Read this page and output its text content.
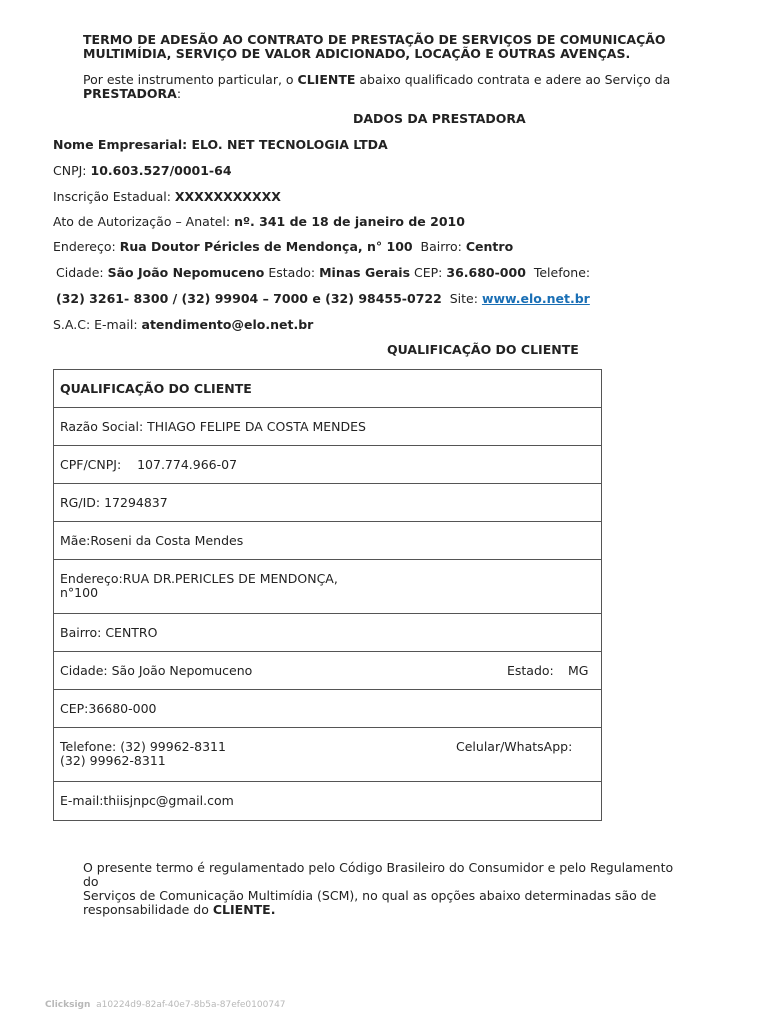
TERMO DE ADESÃO AO CONTRATO DE PRESTAÇÃO DE SERVIÇOS DE COMUNICAÇÃO
MULTIMÍDIA, SERVIÇO DE VALOR ADICIONADO, LOCAÇÃO E OUTRAS AVENÇAS.
Por este instrumento particular, o CLIENTE abaixo qualificado contrata e adere ao Serviço da
PRESTADORA:
DADOS DA PRESTADORA
Nome Empresarial: ELO. NET TECNOLOGIA LTDA
CNPJ: 10.603.527/0001-64
Inscrição Estadual: XXXXXXXXXXX
Ato de Autorização – Anatel: nº. 341 de 18 de janeiro de 2010
Endereço: Rua Doutor Péricles de Mendonça, n° 100 Bairro: Centro
Cidade: São João Nepomuceno Estado: Minas Gerais CEP: 36.680-000 Telefone:
(32) 3261- 8300 / (32) 99904 – 7000 e (32) 98455-0722 Site: www.elo.net.br
S.A.C: E-mail: atendimento@elo.net.br
QUALIFICAÇÃO DO CLIENTE
QUALIFICAÇÃO DO CLIENTE
Razão Social: THIAGO FELIPE DA COSTA MENDES
CPF/CNPJ: 107.774.966-07
RG/ID: 17294837
Mãe:Roseni da Costa Mendes
Endereço:RUA DR.PERICLES DE MENDONÇA,
n°100
Bairro: CENTRO
Cidade: São João Nepomuceno	Estado: MG
CEP:36680-000
Telefone: (32) 99962-8311
(32) 99962-8311
Celular/WhatsApp:
E-mail:thiisjnpc@gmail.com
O presente termo é regulamentado pelo Código Brasileiro do Consumidor e pelo Regulamento do
Serviços de Comunicação Multimídia (SCM), no qual as opções abaixo determinadas são de
responsabilidade do CLIENTE.
Clicksign a10224d9-82af-40e7-8b5a-87efe0100747
